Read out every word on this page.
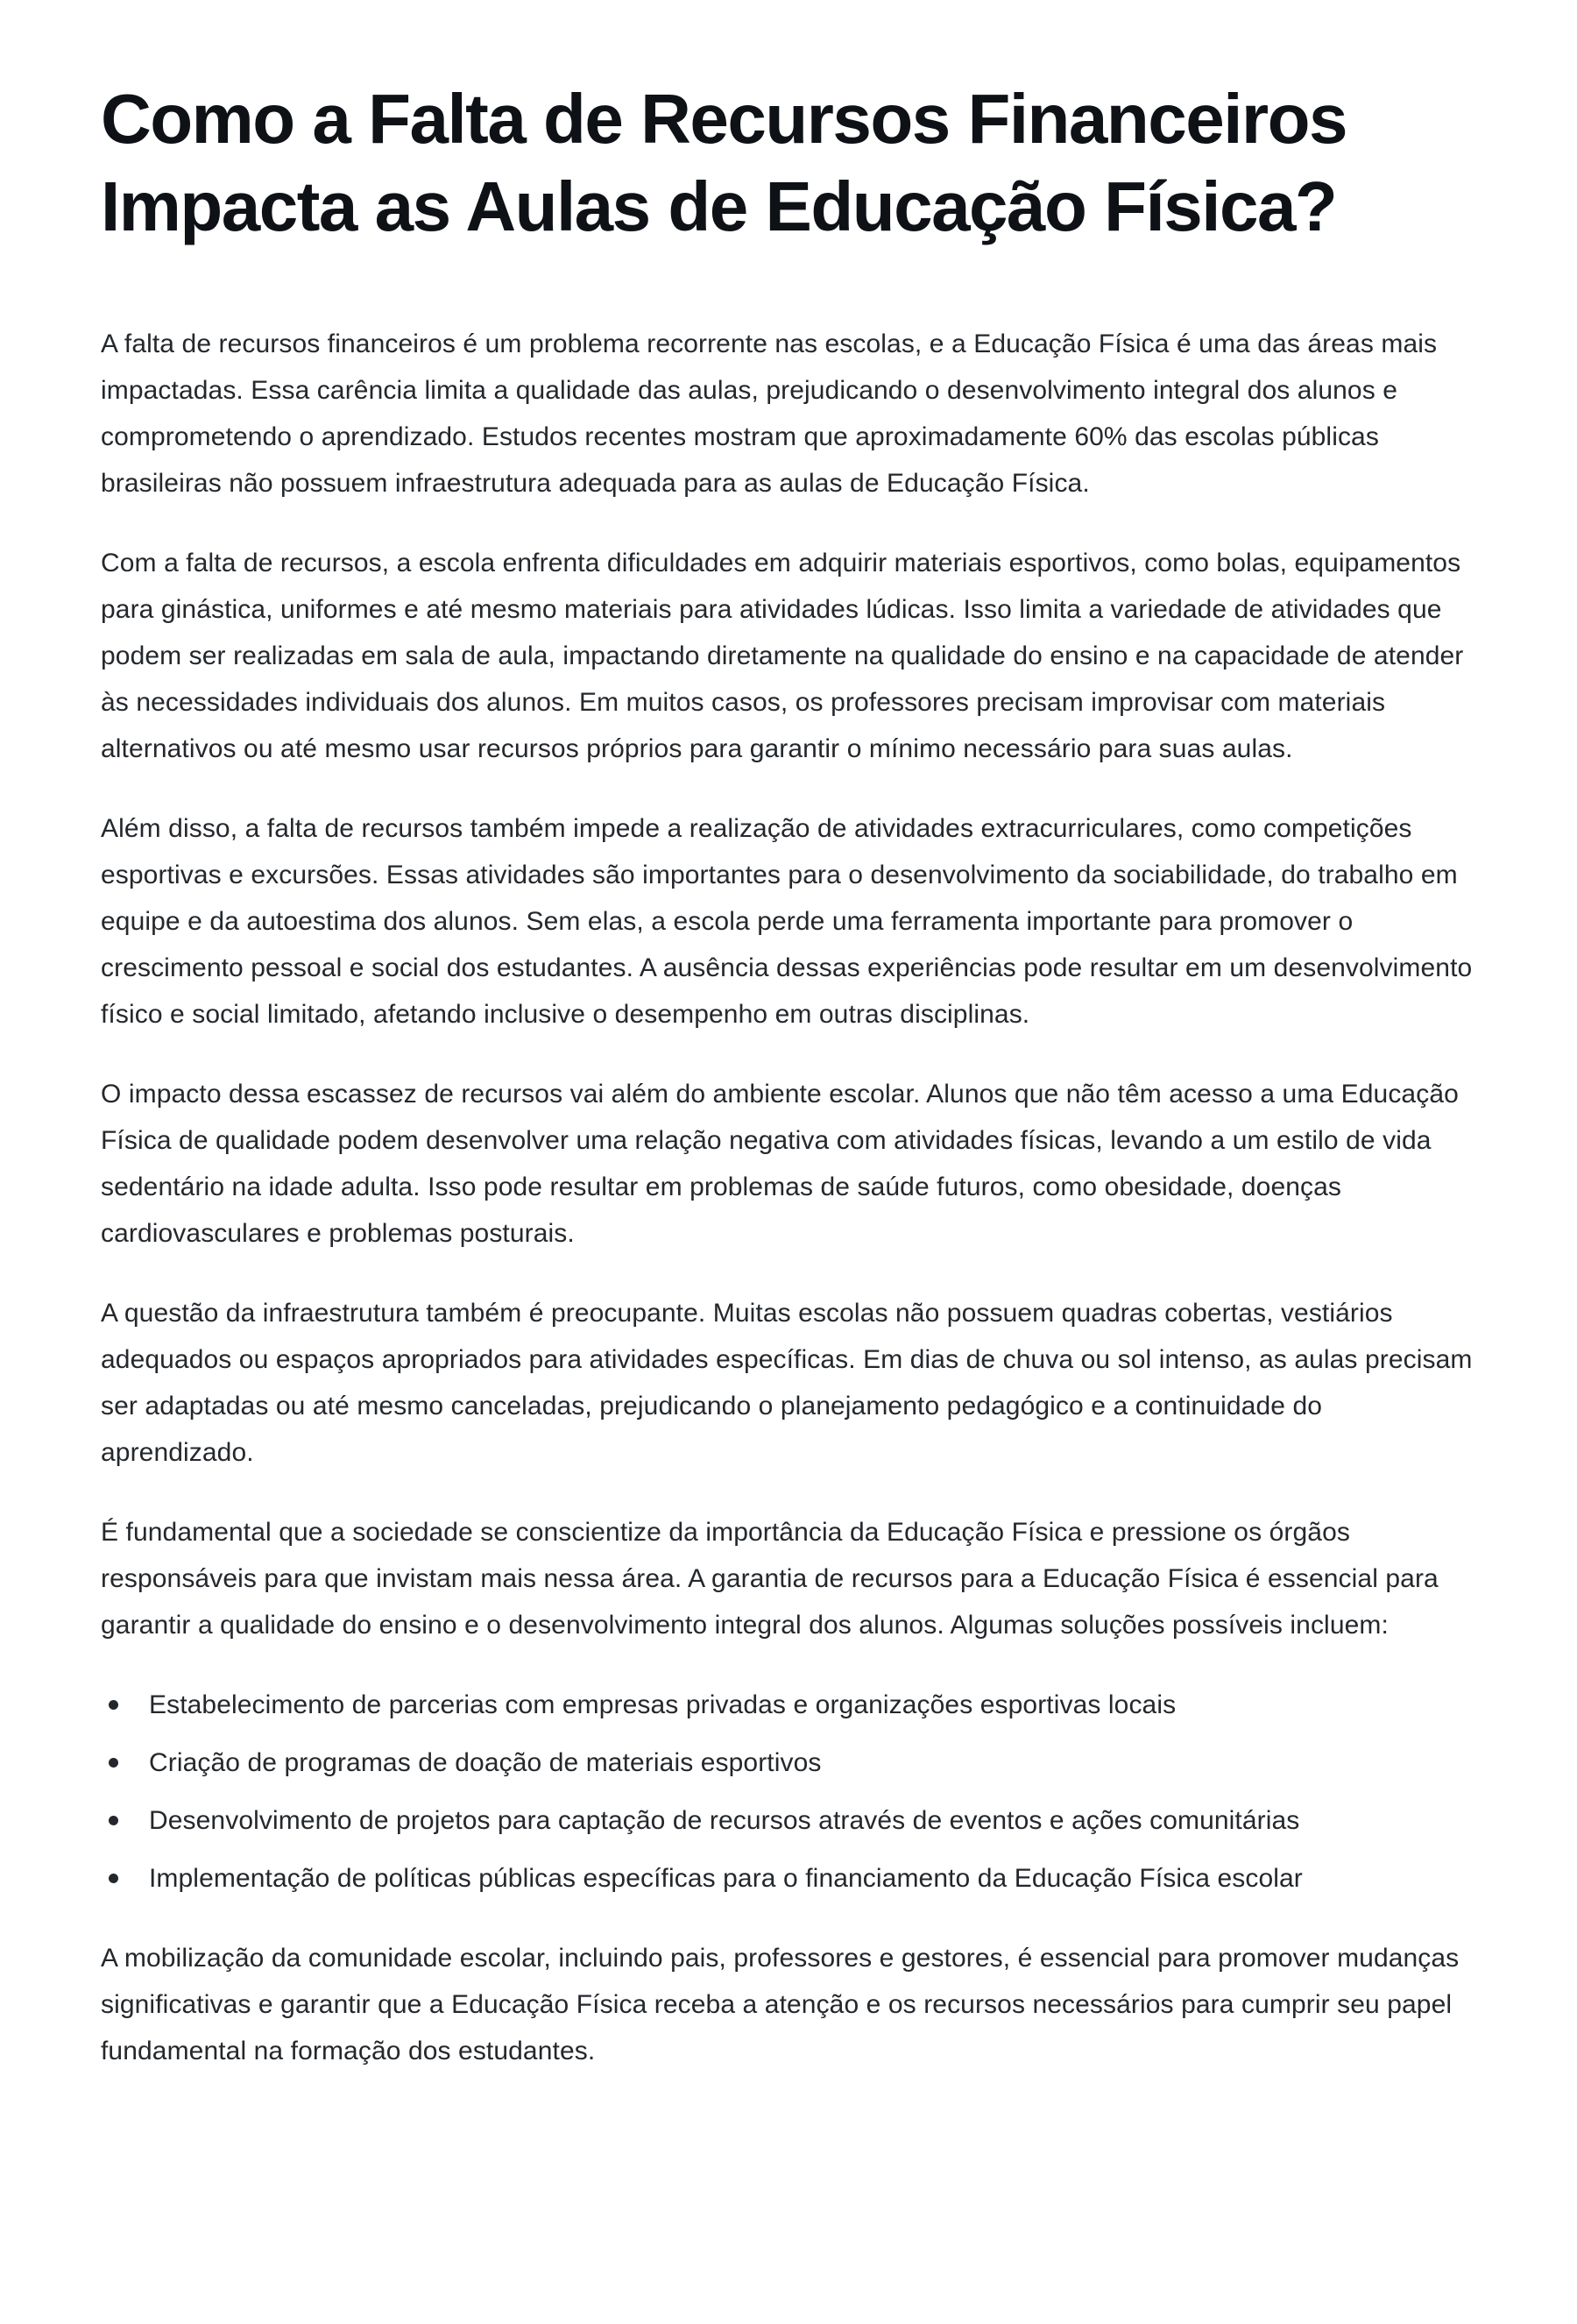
Como a Falta de Recursos Financeiros
Impacta as Aulas de Educação Física?

A falta de recursos financeiros é um problema recorrente nas escolas, e a Educação Física é uma das áreas mais impactadas. Essa carência limita a qualidade das aulas, prejudicando o desenvolvimento integral dos alunos e comprometendo o aprendizado. Estudos recentes mostram que aproximadamente 60% das escolas públicas brasileiras não possuem infraestrutura adequada para as aulas de Educação Física.

Com a falta de recursos, a escola enfrenta dificuldades em adquirir materiais esportivos, como bolas, equipamentos para ginástica, uniformes e até mesmo materiais para atividades lúdicas. Isso limita a variedade de atividades que podem ser realizadas em sala de aula, impactando diretamente na qualidade do ensino e na capacidade de atender às necessidades individuais dos alunos. Em muitos casos, os professores precisam improvisar com materiais alternativos ou até mesmo usar recursos próprios para garantir o mínimo necessário para suas aulas.

Além disso, a falta de recursos também impede a realização de atividades extracurriculares, como competições esportivas e excursões. Essas atividades são importantes para o desenvolvimento da sociabilidade, do trabalho em equipe e da autoestima dos alunos. Sem elas, a escola perde uma ferramenta importante para promover o crescimento pessoal e social dos estudantes. A ausência dessas experiências pode resultar em um desenvolvimento físico e social limitado, afetando inclusive o desempenho em outras disciplinas.

O impacto dessa escassez de recursos vai além do ambiente escolar. Alunos que não têm acesso a uma Educação Física de qualidade podem desenvolver uma relação negativa com atividades físicas, levando a um estilo de vida sedentário na idade adulta. Isso pode resultar em problemas de saúde futuros, como obesidade, doenças cardiovasculares e problemas posturais.

A questão da infraestrutura também é preocupante. Muitas escolas não possuem quadras cobertas, vestiários adequados ou espaços apropriados para atividades específicas. Em dias de chuva ou sol intenso, as aulas precisam ser adaptadas ou até mesmo canceladas, prejudicando o planejamento pedagógico e a continuidade do aprendizado.

É fundamental que a sociedade se conscientize da importância da Educação Física e pressione os órgãos responsáveis para que invistam mais nessa área. A garantia de recursos para a Educação Física é essencial para garantir a qualidade do ensino e o desenvolvimento integral dos alunos. Algumas soluções possíveis incluem:

Estabelecimento de parcerias com empresas privadas e organizações esportivas locais
Criação de programas de doação de materiais esportivos
Desenvolvimento de projetos para captação de recursos através de eventos e ações comunitárias
Implementação de políticas públicas específicas para o financiamento da Educação Física escolar

A mobilização da comunidade escolar, incluindo pais, professores e gestores, é essencial para promover mudanças significativas e garantir que a Educação Física receba a atenção e os recursos necessários para cumprir seu papel fundamental na formação dos estudantes.
